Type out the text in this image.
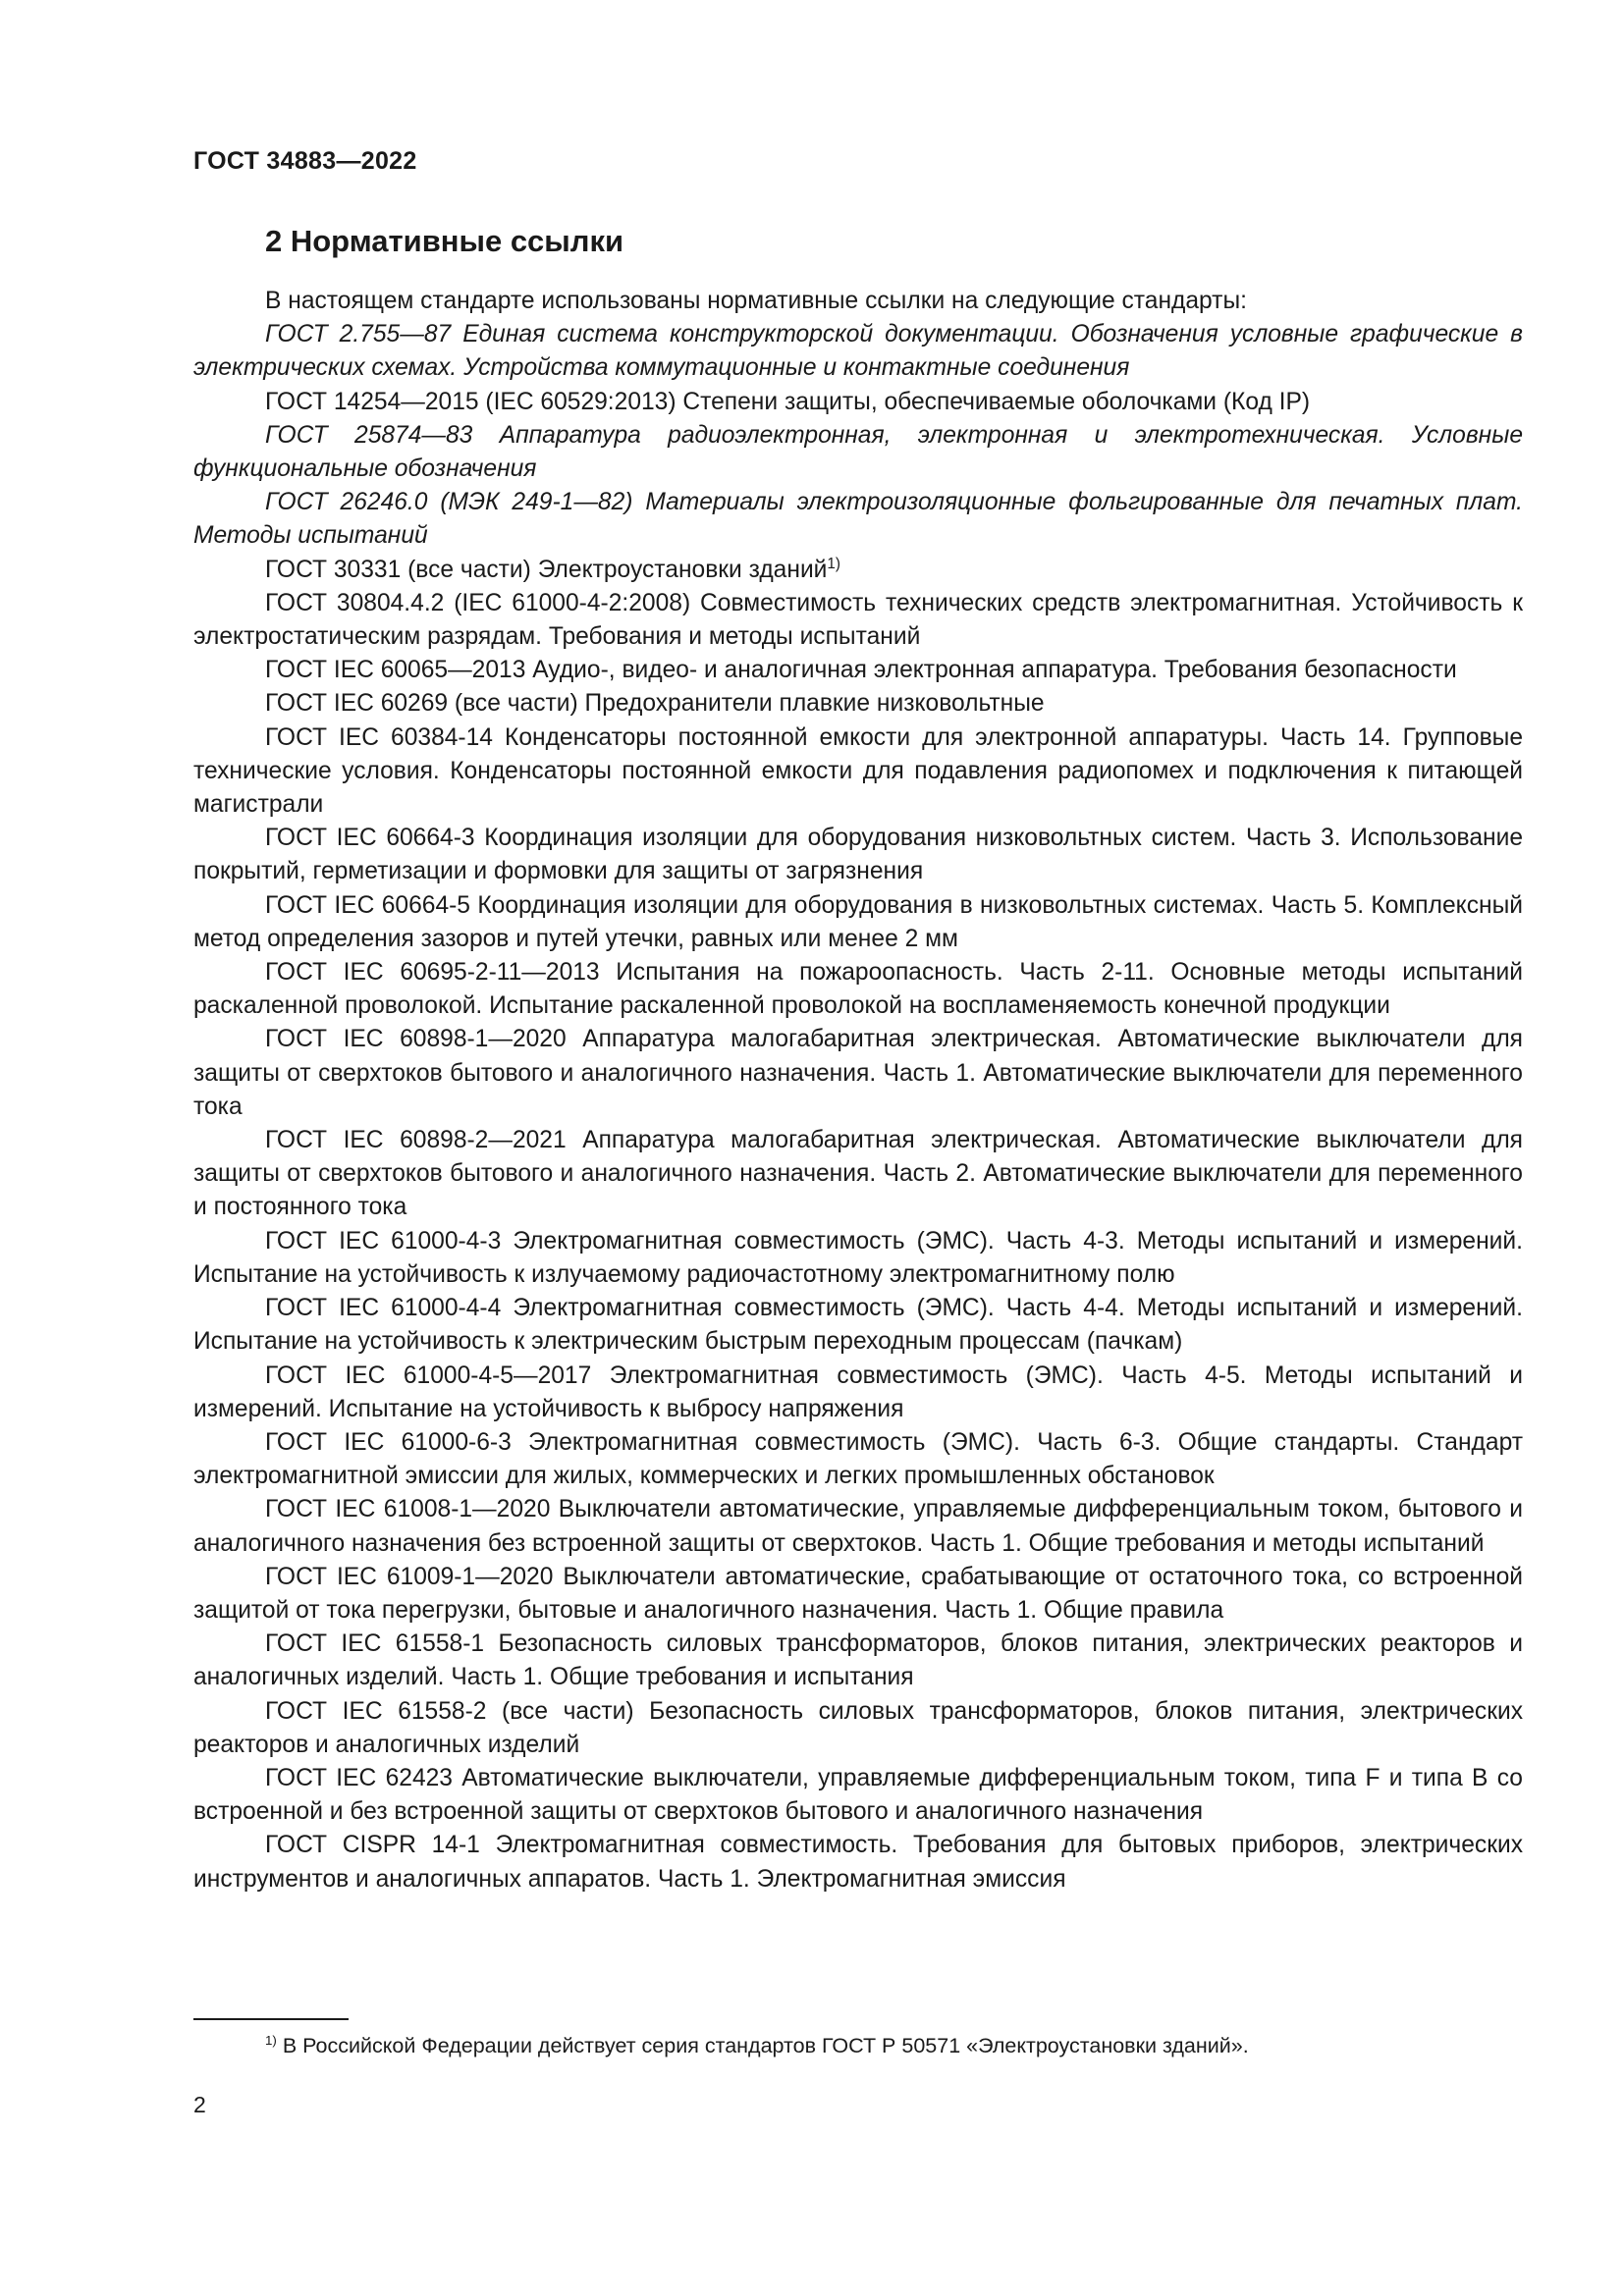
ГОСТ 34883—2022
2 Нормативные ссылки

В настоящем стандарте использованы нормативные ссылки на следующие стандарты:

ГОСТ 2.755—87 Единая система конструкторской документации. Обозначения условные графические в электрических схемах. Устройства коммутационные и контактные соединения

ГОСТ 14254—2015 (IEC 60529:2013) Степени защиты, обеспечиваемые оболочками (Код IP)

ГОСТ 25874—83 Аппаратура радиоэлектронная, электронная и электротехническая. Условные функциональные обозначения

ГОСТ 26246.0 (МЭК 249-1—82) Материалы электроизоляционные фольгированные для печатных плат. Методы испытаний

ГОСТ 30331 (все части) Электроустановки зданий$^{1)}$

ГОСТ 30804.4.2 (IEC 61000-4-2:2008) Совместимость технических средств электромагнитная. Устойчивость к электростатическим разрядам. Требования и методы испытаний

ГОСТ IEC 60065—2013 Аудио-, видео- и аналогичная электронная аппаратура. Требования безопасности

ГОСТ IEC 60269 (все части) Предохранители плавкие низковольтные

ГОСТ IEC 60384-14 Конденсаторы постоянной емкости для электронной аппаратуры. Часть 14. Групповые технические условия. Конденсаторы постоянной емкости для подавления радиопомех и подключения к питающей магистрали

ГОСТ IEC 60664-3 Координация изоляции для оборудования низковольтных систем. Часть 3. Использование покрытий, герметизации и формовки для защиты от загрязнения

ГОСТ IEC 60664-5 Координация изоляции для оборудования в низковольтных системах. Часть 5. Комплексный метод определения зазоров и путей утечки, равных или менее 2 мм

ГОСТ IEC 60695-2-11—2013 Испытания на пожароопасность. Часть 2-11. Основные методы испытаний раскаленной проволокой. Испытание раскаленной проволокой на воспламеняемость конечной продукции

ГОСТ IEC 60898-1—2020 Аппаратура малогабаритная электрическая. Автоматические выключатели для защиты от сверхтоков бытового и аналогичного назначения. Часть 1. Автоматические выключатели для переменного тока

ГОСТ IEC 60898-2—2021 Аппаратура малогабаритная электрическая. Автоматические выключатели для защиты от сверхтоков бытового и аналогичного назначения. Часть 2. Автоматические выключатели для переменного и постоянного тока

ГОСТ IEC 61000-4-3 Электромагнитная совместимость (ЭМС). Часть 4-3. Методы испытаний и измерений. Испытание на устойчивость к излучаемому радиочастотному электромагнитному полю

ГОСТ IEC 61000-4-4 Электромагнитная совместимость (ЭМС). Часть 4-4. Методы испытаний и измерений. Испытание на устойчивость к электрическим быстрым переходным процессам (пачкам)

ГОСТ IEC 61000-4-5—2017 Электромагнитная совместимость (ЭМС). Часть 4-5. Методы испытаний и измерений. Испытание на устойчивость к выбросу напряжения

ГОСТ IEC 61000-6-3 Электромагнитная совместимость (ЭМС). Часть 6-3. Общие стандарты. Стандарт электромагнитной эмиссии для жилых, коммерческих и легких промышленных обстановок

ГОСТ IEC 61008-1—2020 Выключатели автоматические, управляемые дифференциальным током, бытового и аналогичного назначения без встроенной защиты от сверхтоков. Часть 1. Общие требования и методы испытаний

ГОСТ IEC 61009-1—2020 Выключатели автоматические, срабатывающие от остаточного тока, со встроенной защитой от тока перегрузки, бытовые и аналогичного назначения. Часть 1. Общие правила

ГОСТ IEC 61558-1 Безопасность силовых трансформаторов, блоков питания, электрических реакторов и аналогичных изделий. Часть 1. Общие требования и испытания

ГОСТ IEC 61558-2 (все части) Безопасность силовых трансформаторов, блоков питания, электрических реакторов и аналогичных изделий

ГОСТ IEC 62423 Автоматические выключатели, управляемые дифференциальным током, типа F и типа B со встроенной и без встроенной защиты от сверхтоков бытового и аналогичного назначения

ГОСТ CISPR 14-1 Электромагнитная совместимость. Требования для бытовых приборов, электрических инструментов и аналогичных аппаратов. Часть 1. Электромагнитная эмиссия

$^{1)}$ В Российской Федерации действует серия стандартов ГОСТ Р 50571 «Электроустановки зданий».
2
